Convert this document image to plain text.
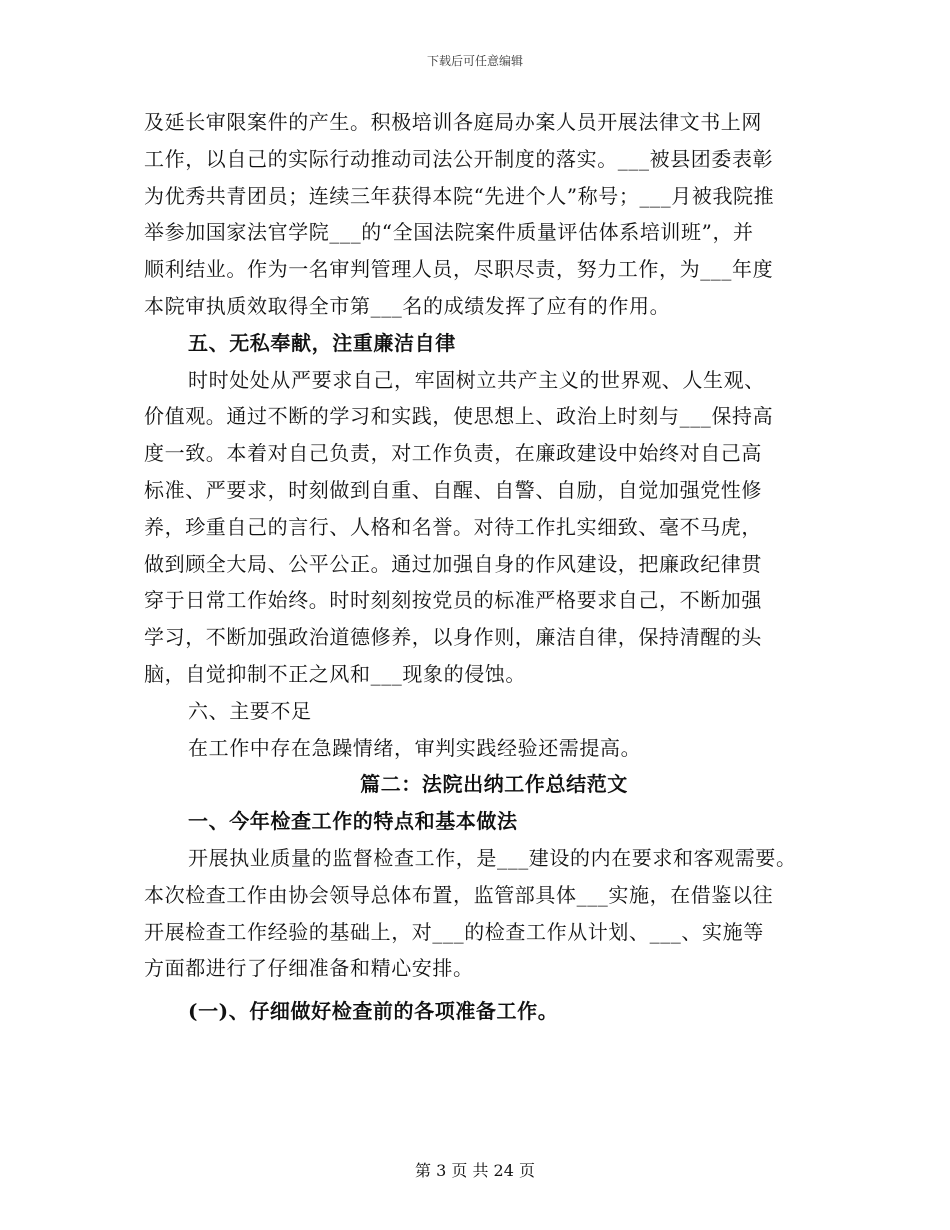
下载后可任意编辑
及延长审限案件的产生。积极培训各庭局办案人员开展法律文书上网
工作，以自己的实际行动推动司法公开制度的落实。___被县团委表彰
为优秀共青团员；连续三年获得本院“先进个人”称号；___月被我院推
举参加国家法官学院___的“全国法院案件质量评估体系培训班”，并
顺利结业。作为一名审判管理人员，尽职尽责，努力工作，为___年度
本院审执质效取得全市第___名的成绩发挥了应有的作用。
五、无私奉献，注重廉洁自律
时时处处从严要求自己，牢固树立共产主义的世界观、人生观、
价值观。通过不断的学习和实践，使思想上、政治上时刻与___保持高
度一致。本着对自己负责，对工作负责，在廉政建设中始终对自己高
标准、严要求，时刻做到自重、自醒、自警、自励，自觉加强党性修
养，珍重自己的言行、人格和名誉。对待工作扎实细致、毫不马虎，
做到顾全大局、公平公正。通过加强自身的作风建设，把廉政纪律贯
穿于日常工作始终。时时刻刻按党员的标准严格要求自己，不断加强
学习，不断加强政治道德修养，以身作则，廉洁自律，保持清醒的头
脑，自觉抑制不正之风和___现象的侵蚀。
六、主要不足
在工作中存在急躁情绪，审判实践经验还需提高。
篇二：法院出纳工作总结范文
一、今年检查工作的特点和基本做法
开展执业质量的监督检查工作，是___建设的内在要求和客观需要。
本次检查工作由协会领导总体布置，监管部具体___实施，在借鉴以往
开展检查工作经验的基础上，对___的检查工作从计划、___、实施等
方面都进行了仔细准备和精心安排。
(一)、仔细做好检查前的各项准备工作。
第 3 页 共 24 页
